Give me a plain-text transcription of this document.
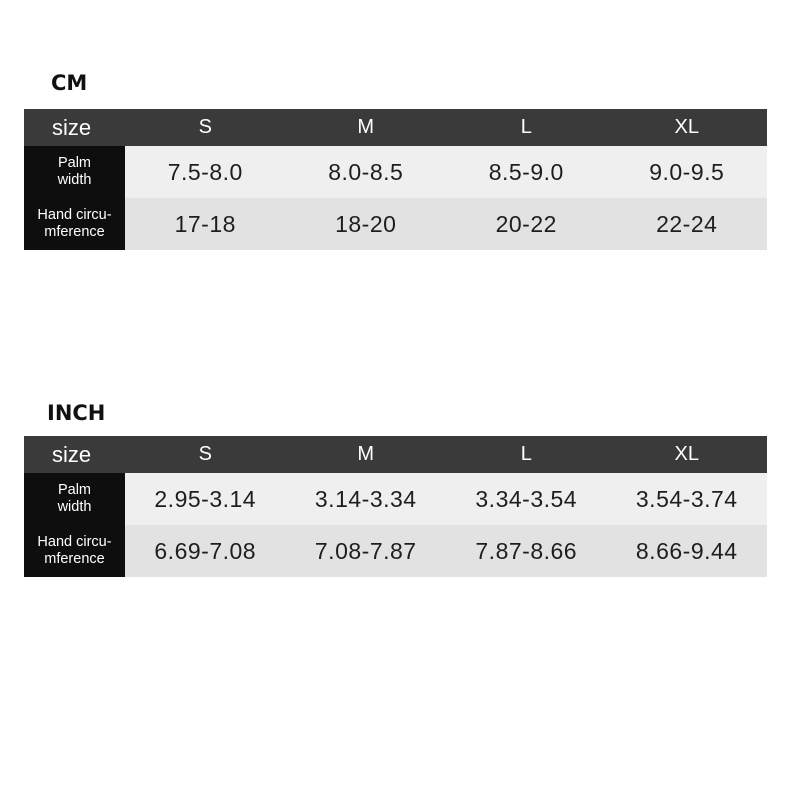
CM
size	S	M	L	XL
Palm
width	7.5-8.0	8.0-8.5	8.5-9.0	9.0-9.5
Hand circu-
mference	17-18	18-20	20-22	22-24
INCH
size	S	M	L	XL
Palm
width	2.95-3.14	3.14-3.34	3.34-3.54	3.54-3.74
Hand circu-
mference	6.69-7.08	7.08-7.87	7.87-8.66	8.66-9.44
